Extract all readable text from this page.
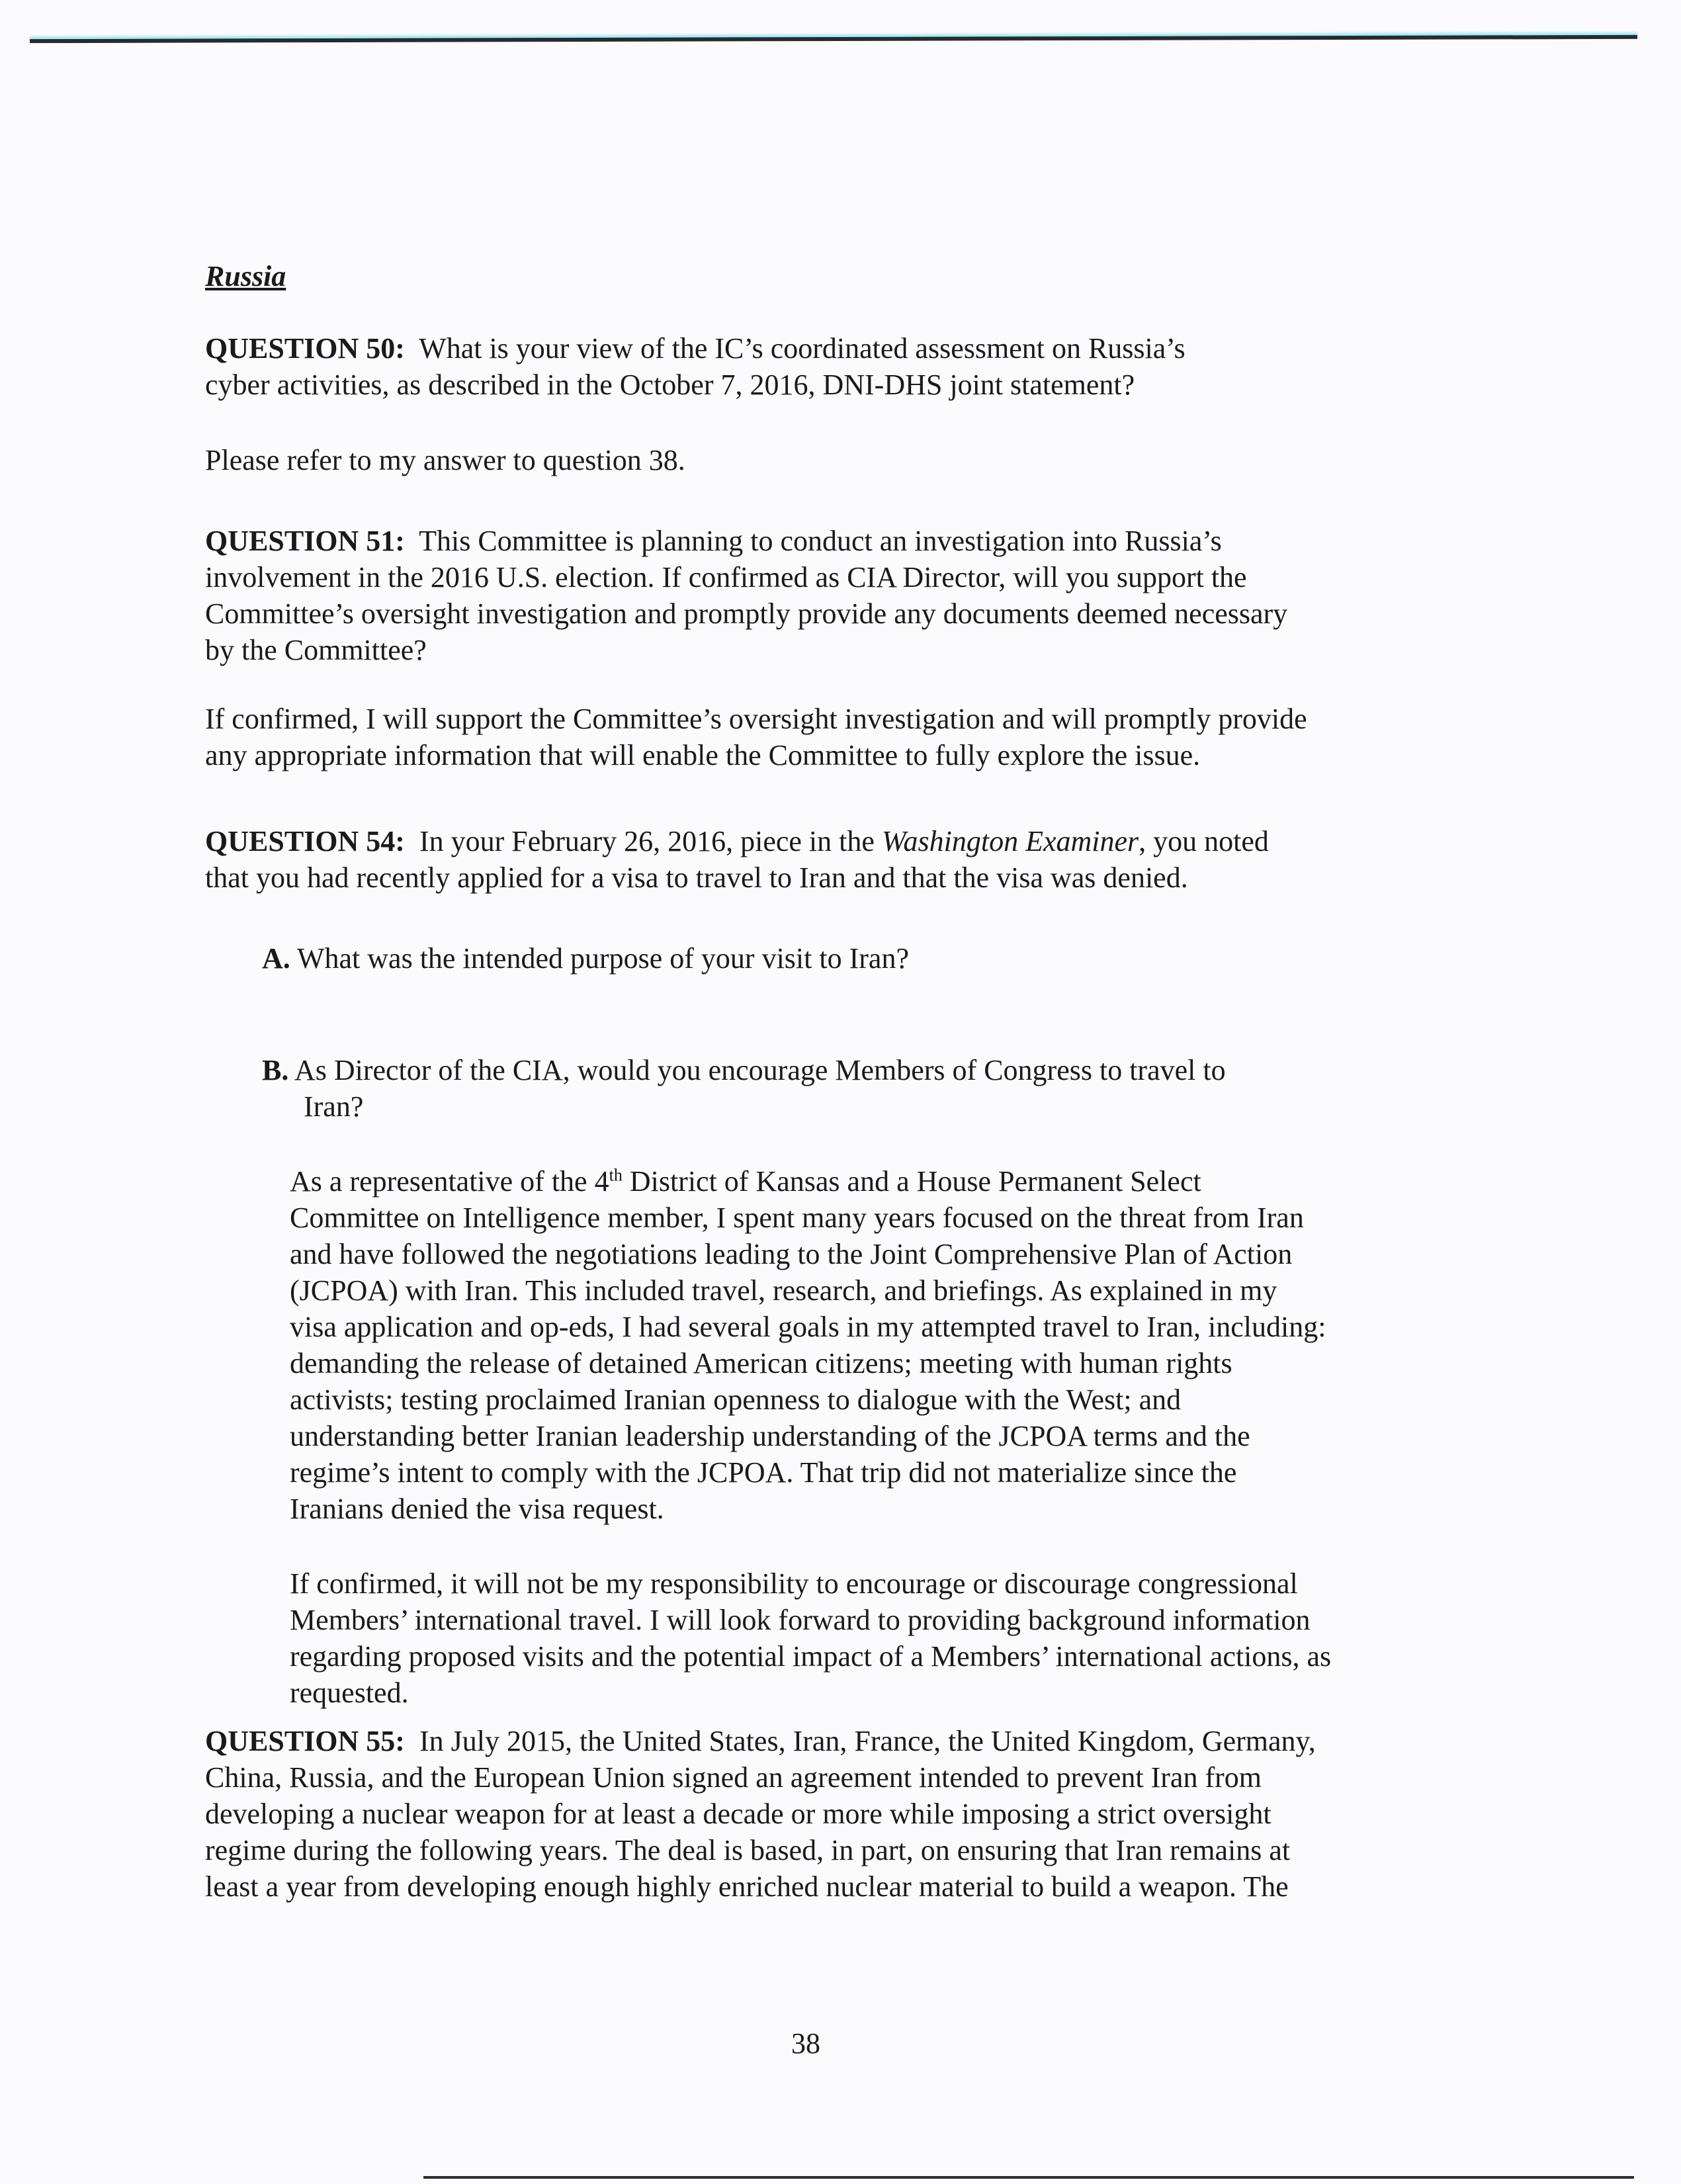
Russia
QUESTION 50: What is your view of the IC’s coordinated assessment on Russia’s
cyber activities, as described in the October 7, 2016, DNI-DHS joint statement?
Please refer to my answer to question 38.
QUESTION 51: This Committee is planning to conduct an investigation into Russia’s
involvement in the 2016 U.S. election. If confirmed as CIA Director, will you support the
Committee’s oversight investigation and promptly provide any documents deemed necessary
by the Committee?
If confirmed, I will support the Committee’s oversight investigation and will promptly provide
any appropriate information that will enable the Committee to fully explore the issue.
QUESTION 54: In your February 26, 2016, piece in the Washington Examiner, you noted
that you had recently applied for a visa to travel to Iran and that the visa was denied.
A. What was the intended purpose of your visit to Iran?
B. As Director of the CIA, would you encourage Members of Congress to travel to
Iran?
As a representative of the 4th District of Kansas and a House Permanent Select
Committee on Intelligence member, I spent many years focused on the threat from Iran
and have followed the negotiations leading to the Joint Comprehensive Plan of Action
(JCPOA) with Iran. This included travel, research, and briefings. As explained in my
visa application and op-eds, I had several goals in my attempted travel to Iran, including:
demanding the release of detained American citizens; meeting with human rights
activists; testing proclaimed Iranian openness to dialogue with the West; and
understanding better Iranian leadership understanding of the JCPOA terms and the
regime’s intent to comply with the JCPOA. That trip did not materialize since the
Iranians denied the visa request.
If confirmed, it will not be my responsibility to encourage or discourage congressional
Members’ international travel. I will look forward to providing background information
regarding proposed visits and the potential impact of a Members’ international actions, as
requested.
QUESTION 55: In July 2015, the United States, Iran, France, the United Kingdom, Germany,
China, Russia, and the European Union signed an agreement intended to prevent Iran from
developing a nuclear weapon for at least a decade or more while imposing a strict oversight
regime during the following years. The deal is based, in part, on ensuring that Iran remains at
least a year from developing enough highly enriched nuclear material to build a weapon. The
38
